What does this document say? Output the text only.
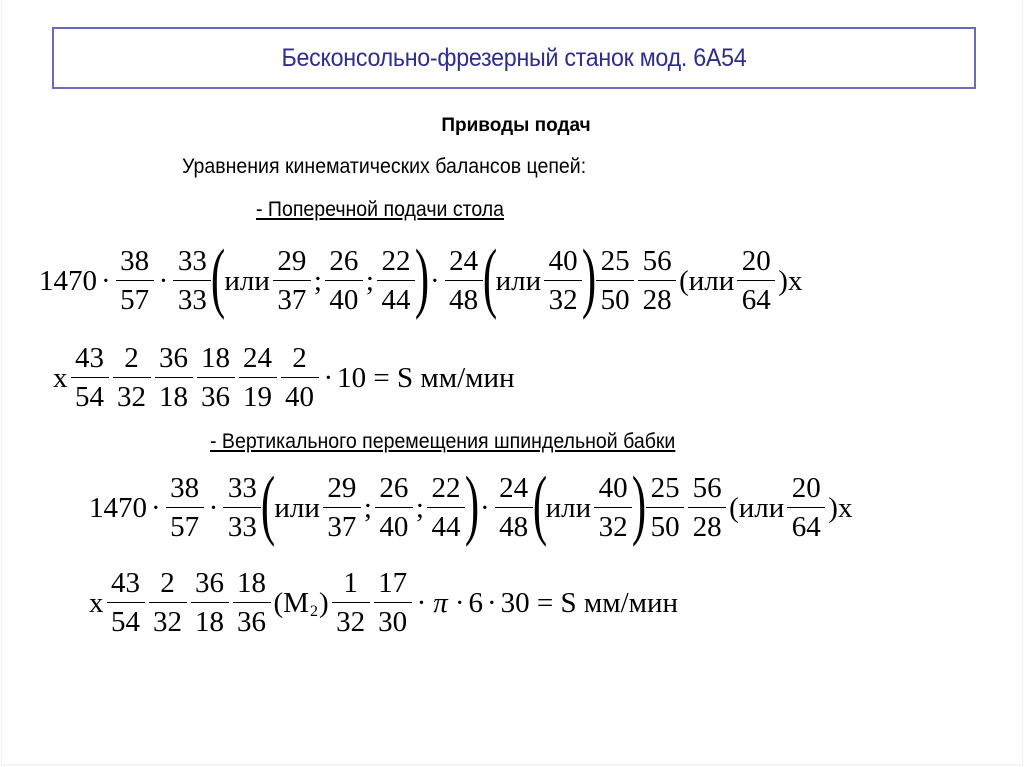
Бесконсольно-фрезерный станок мод. 6А54
Приводы подач
Уравнения кинематических балансов цепей:
- Поперечной подачи стола
$1470 \cdot \frac{38}{57} \cdot \frac{33}{33}$ (
или $\frac{29}{37}$ ; $\frac{26}{40}$ ; $\frac{22}{44}$ ) · $\frac{24}{48}$ (
или $\frac{40}{32}$ ) $\frac{25}{50} \frac{56}{28} (или \frac{20}{64} )х$
х $\frac{43}{54} \frac{2}{32} \frac{36}{18} \frac{18}{36} \frac{24}{19} \frac{2}{40} \cdot 10 = S$ мм/мин
- Вертикального перемещения шпиндельной бабки
$1470 \cdot \frac{38}{57} \cdot \frac{33}{33}$ (
или $\frac{29}{37}$ ; $\frac{26}{40}$ ; $\frac{22}{44}$ ) · $\frac{24}{48}$ (
или $\frac{40}{32}$ ) $\frac{25}{50} \frac{56}{28} (или \frac{20}{64} )х$
х $\frac{43}{54} \frac{2}{32} \frac{36}{18} \frac{18}{36} (М$ 2 ) $\frac{1}{32} \frac{17}{30} \cdot \pi \cdot 6 \cdot 30 = S$ мм/мин
